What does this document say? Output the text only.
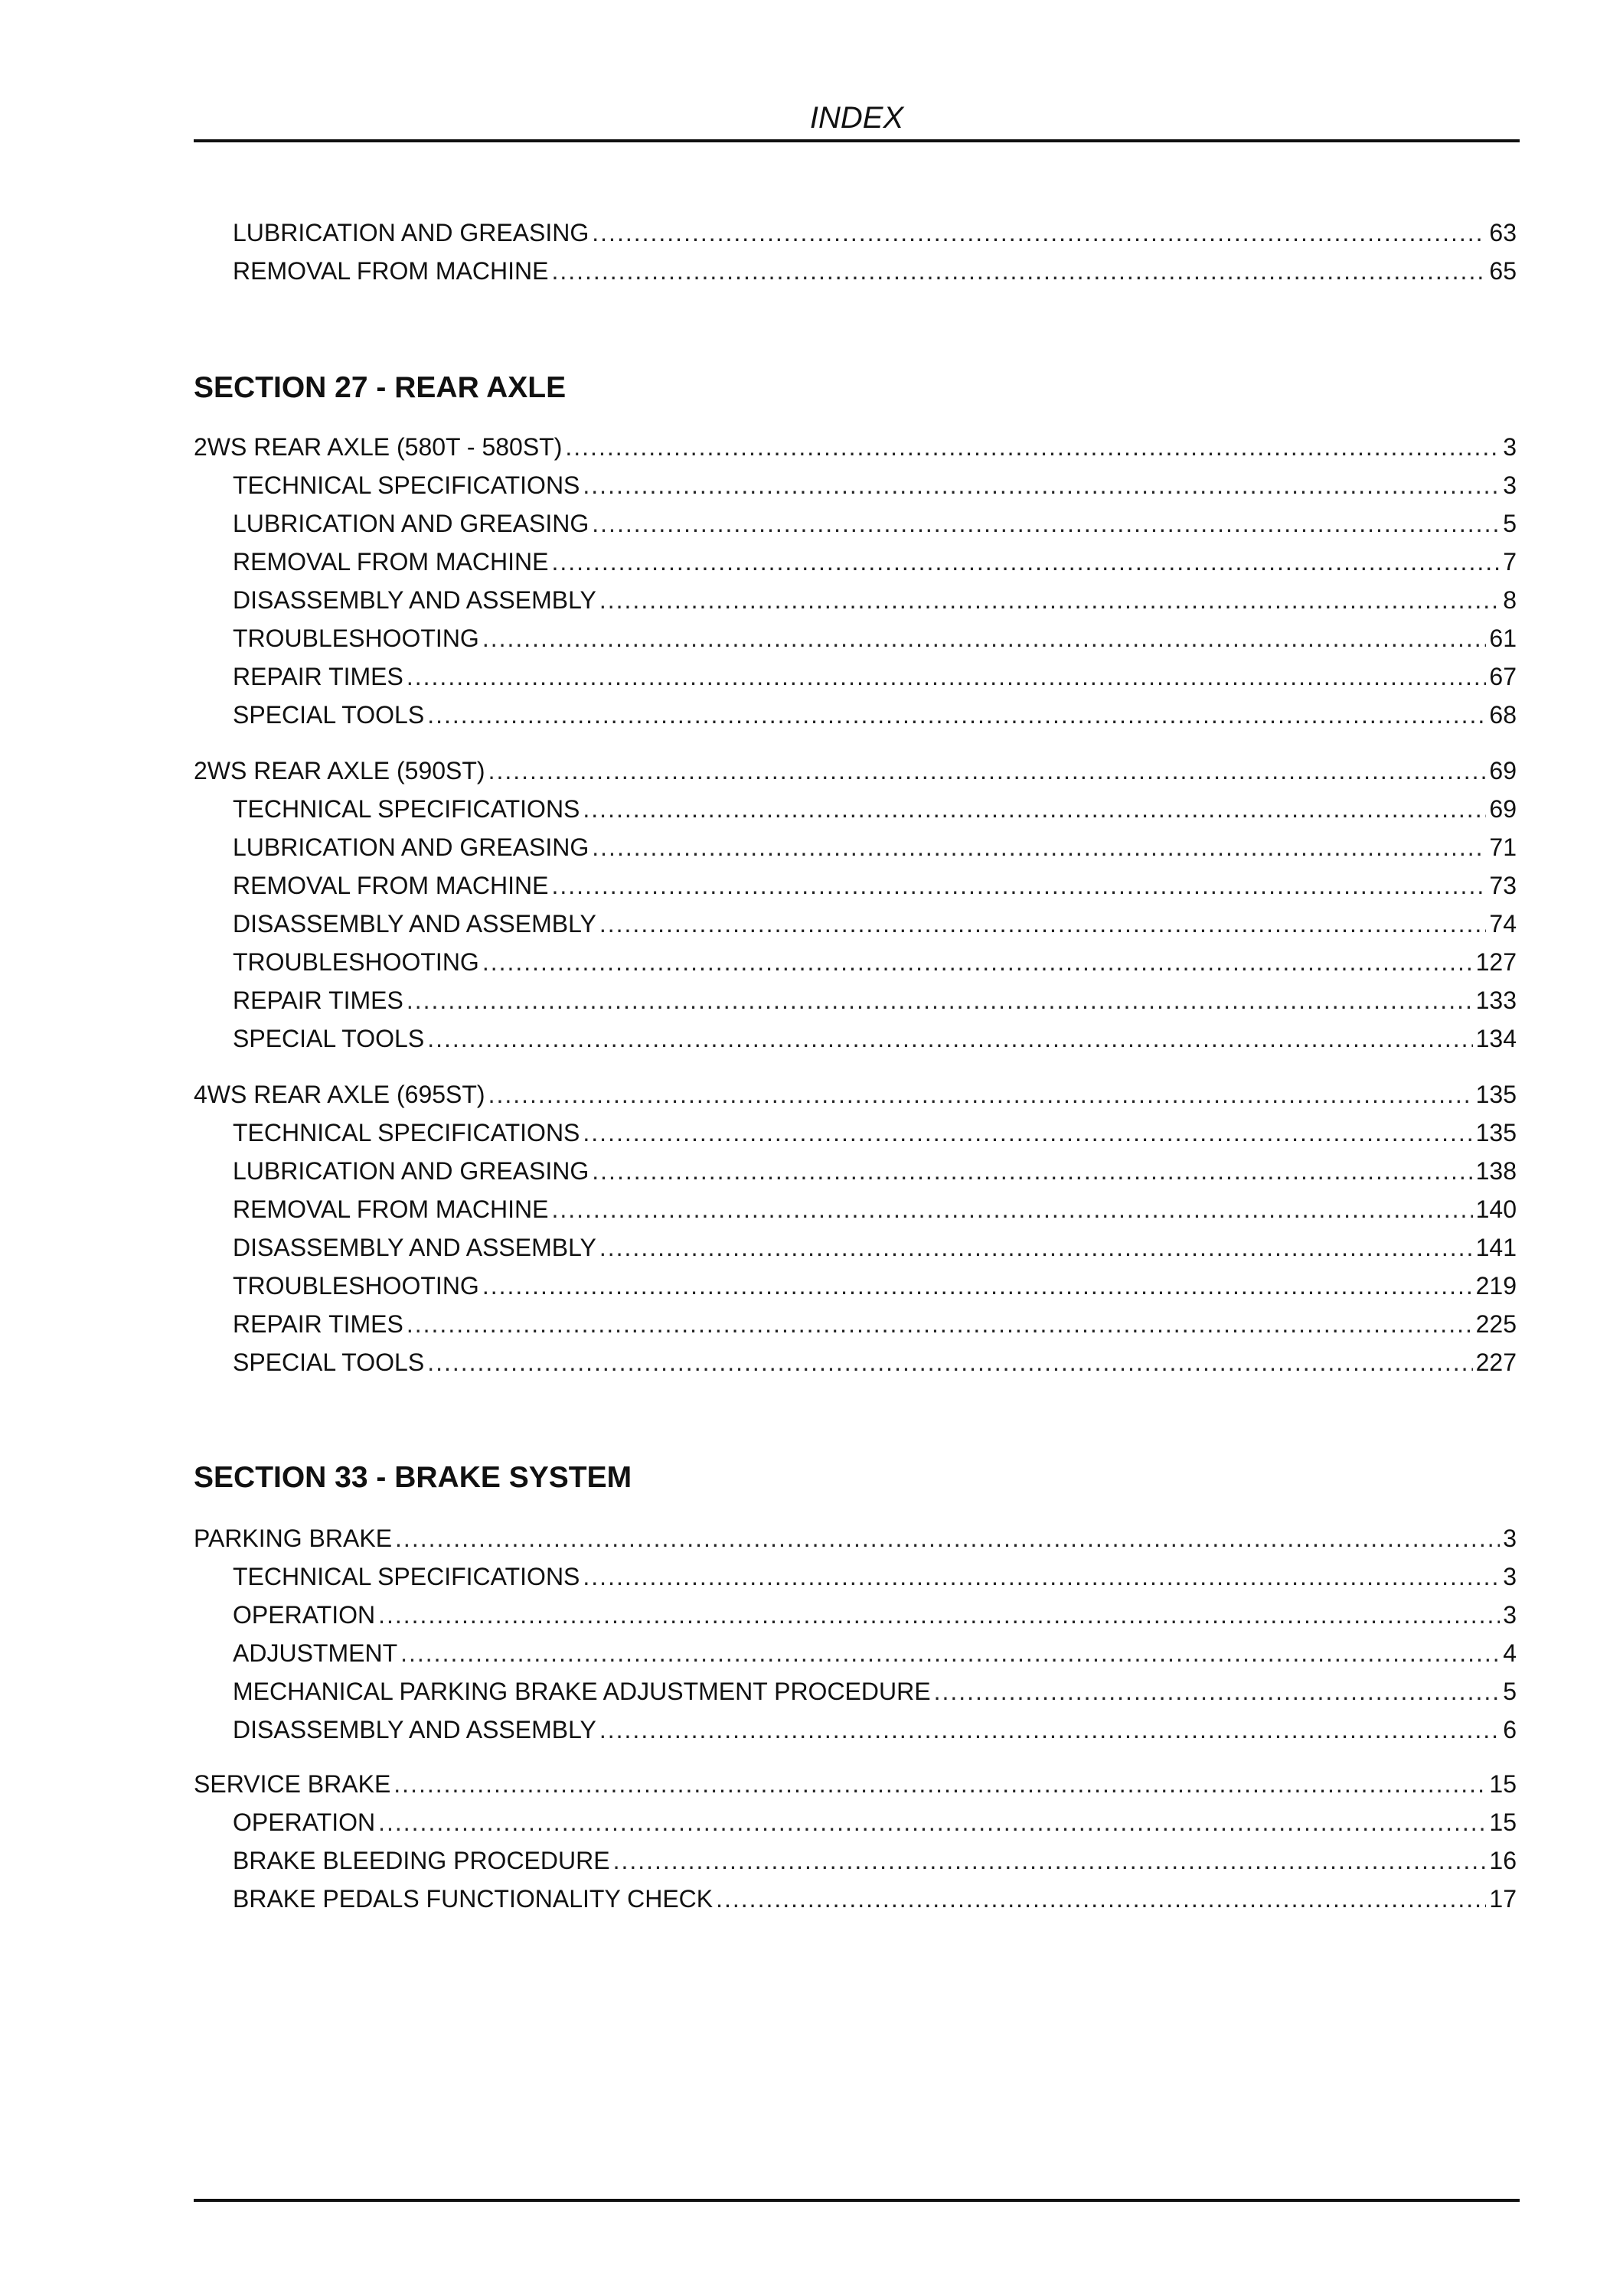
INDEX
LUBRICATION AND GREASING .....	63
REMOVAL FROM MACHINE .....	65
SECTION 27 - REAR AXLE
2WS REAR AXLE (580T - 580ST) .....	3
TECHNICAL SPECIFICATIONS .....	3
LUBRICATION AND GREASING .....	5
REMOVAL FROM MACHINE .....	7
DISASSEMBLY AND ASSEMBLY .....	8
TROUBLESHOOTING .....	61
REPAIR TIMES .....	67
SPECIAL TOOLS .....	68
2WS REAR AXLE (590ST) .....	69
TECHNICAL SPECIFICATIONS .....	69
LUBRICATION AND GREASING .....	71
REMOVAL FROM MACHINE .....	73
DISASSEMBLY AND ASSEMBLY .....	74
TROUBLESHOOTING .....	127
REPAIR TIMES .....	133
SPECIAL TOOLS .....	134
4WS REAR AXLE (695ST) .....	135
TECHNICAL SPECIFICATIONS .....	135
LUBRICATION AND GREASING .....	138
REMOVAL FROM MACHINE .....	140
DISASSEMBLY AND ASSEMBLY .....	141
TROUBLESHOOTING .....	219
REPAIR TIMES .....	225
SPECIAL TOOLS .....	227
SECTION 33 - BRAKE SYSTEM
PARKING BRAKE .....	3
TECHNICAL SPECIFICATIONS .....	3
OPERATION .....	3
ADJUSTMENT .....	4
MECHANICAL PARKING BRAKE ADJUSTMENT PROCEDURE .....	5
DISASSEMBLY AND ASSEMBLY .....	6
SERVICE BRAKE .....	15
OPERATION .....	15
BRAKE BLEEDING PROCEDURE .....	16
BRAKE PEDALS FUNCTIONALITY CHECK .....	17
